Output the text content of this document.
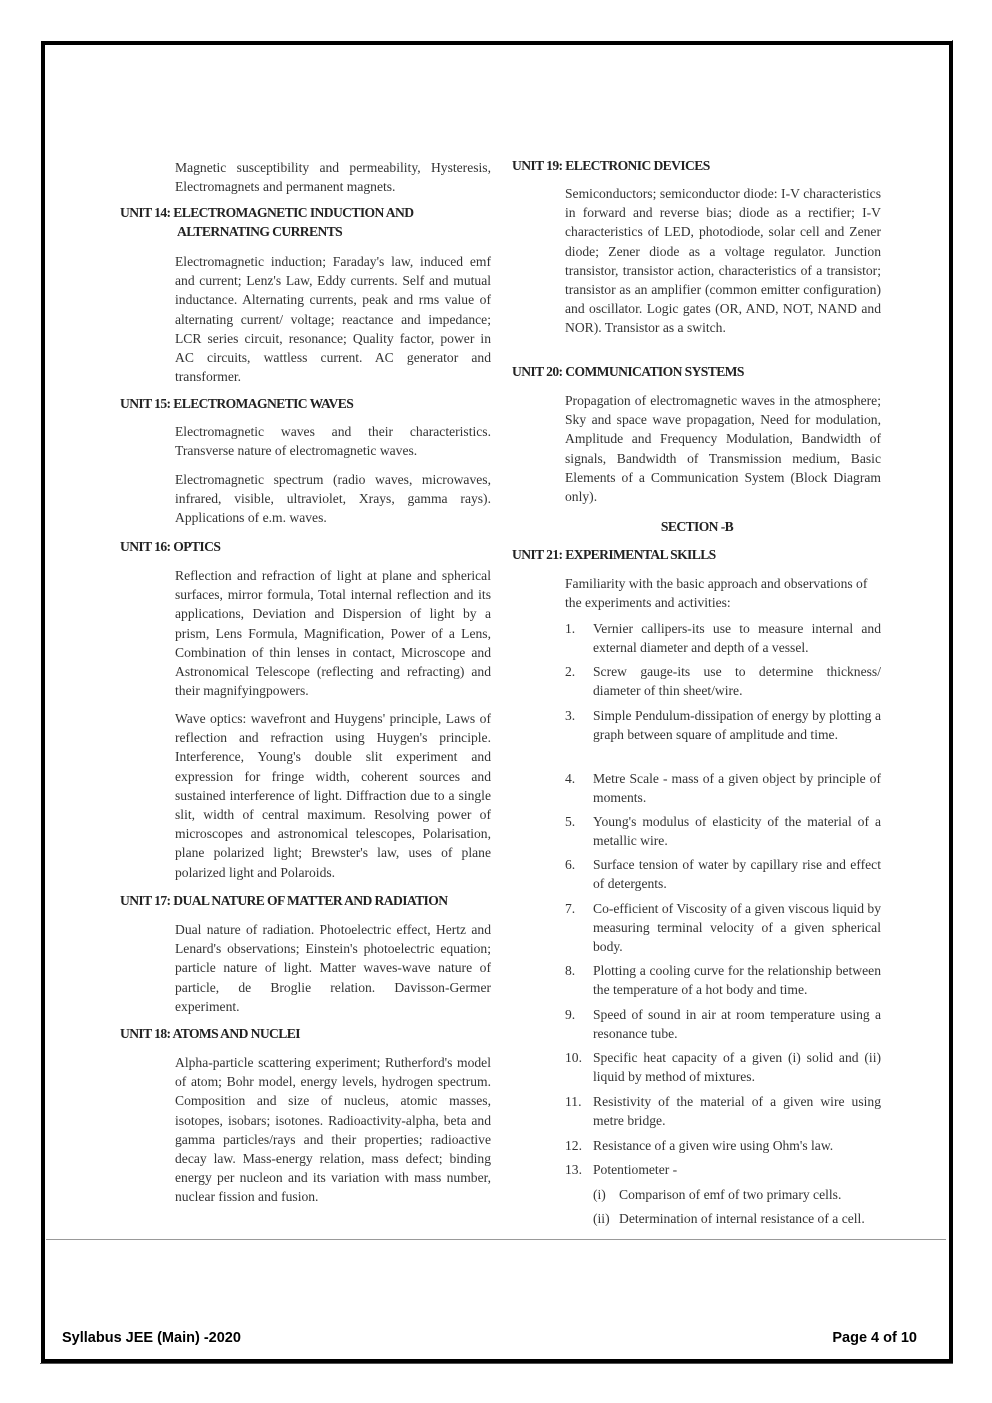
Magnetic susceptibility and permeability, Hysteresis, Electromagnets and permanent magnets.
UNIT 14: ELECTROMAGNETIC INDUCTION AND
ALTERNATING CURRENTS
Electromagnetic induction; Faraday's law, induced emf and current; Lenz's Law, Eddy currents. Self and mutual inductance. Alternating currents, peak and rms value of alternating current/ voltage; reactance and impedance; LCR series circuit, resonance; Quality factor, power in AC circuits, wattless current. AC generator and transformer.
UNIT 15: ELECTROMAGNETIC WAVES
Electromagnetic waves and their characteristics. Transverse nature of electromagnetic waves.
Electromagnetic spectrum (radio waves, microwaves, infrared, visible, ultraviolet, Xrays, gamma rays). Applications of e.m. waves.
UNIT 16: OPTICS
Reflection and refraction of light at plane and spherical surfaces, mirror formula, Total internal reflection and its applications, Deviation and Dispersion of light by a prism, Lens Formula, Magnification, Power of a Lens, Combination of thin lenses in contact, Microscope and Astronomical Telescope (reflecting and refracting) and their magnifyingpowers.
Wave optics: wavefront and Huygens' principle, Laws of reflection and refraction using Huygen's principle. Interference, Young's double slit experiment and expression for fringe width, coherent sources and sustained interference of light. Diffraction due to a single slit, width of central maximum. Resolving power of microscopes and astronomical telescopes, Polarisation, plane polarized light; Brewster's law, uses of plane polarized light and Polaroids.
UNIT 17: DUAL NATURE OF MATTER AND RADIATION
Dual nature of radiation. Photoelectric effect, Hertz and Lenard's observations; Einstein's photoelectric equation; particle nature of light. Matter waves-wave nature of particle, de Broglie relation. Davisson-Germer experiment.
UNIT 18: ATOMS AND NUCLEI
Alpha-particle scattering experiment; Rutherford's model of atom; Bohr model, energy levels, hydrogen spectrum. Composition and size of nucleus, atomic masses, isotopes, isobars; isotones. Radioactivity-alpha, beta and gamma particles/rays and their properties; radioactive decay law. Mass-energy relation, mass defect; binding energy per nucleon and its variation with mass number, nuclear fission and fusion.
UNIT 19: ELECTRONIC DEVICES
Semiconductors; semiconductor diode: I-V characteristics in forward and reverse bias; diode as a rectifier; I-V characteristics of LED, photodiode, solar cell and Zener diode; Zener diode as a voltage regulator. Junction transistor, transistor action, characteristics of a transistor; transistor as an amplifier (common emitter configuration) and oscillator. Logic gates (OR, AND, NOT, NAND and NOR). Transistor as a switch.
UNIT 20: COMMUNICATION SYSTEMS
Propagation of electromagnetic waves in the atmosphere; Sky and space wave propagation, Need for modulation, Amplitude and Frequency Modulation, Bandwidth of signals, Bandwidth of Transmission medium, Basic Elements of a Communication System (Block Diagram only).
SECTION -B
UNIT 21: EXPERIMENTAL SKILLS
Familiarity with the basic approach and observations of the experiments and activities:
1. Vernier callipers-its use to measure internal and external diameter and depth of a vessel.
2. Screw gauge-its use to determine thickness/ diameter of thin sheet/wire.
3. Simple Pendulum-dissipation of energy by plotting a graph between square of amplitude and time.
4. Metre Scale - mass of a given object by principle of moments.
5. Young's modulus of elasticity of the material of a metallic wire.
6. Surface tension of water by capillary rise and effect of detergents.
7. Co-efficient of Viscosity of a given viscous liquid by measuring terminal velocity of a given spherical body.
8. Plotting a cooling curve for the relationship between the temperature of a hot body and time.
9. Speed of sound in air at room temperature using a resonance tube.
10. Specific heat capacity of a given (i) solid and (ii) liquid by method of mixtures.
11. Resistivity of the material of a given wire using metre bridge.
12. Resistance of a given wire using Ohm's law.
13. Potentiometer -
(i) Comparison of emf of two primary cells.
(ii) Determination of internal resistance of a cell.
Syllabus JEE (Main) -2020	Page 4 of 10
